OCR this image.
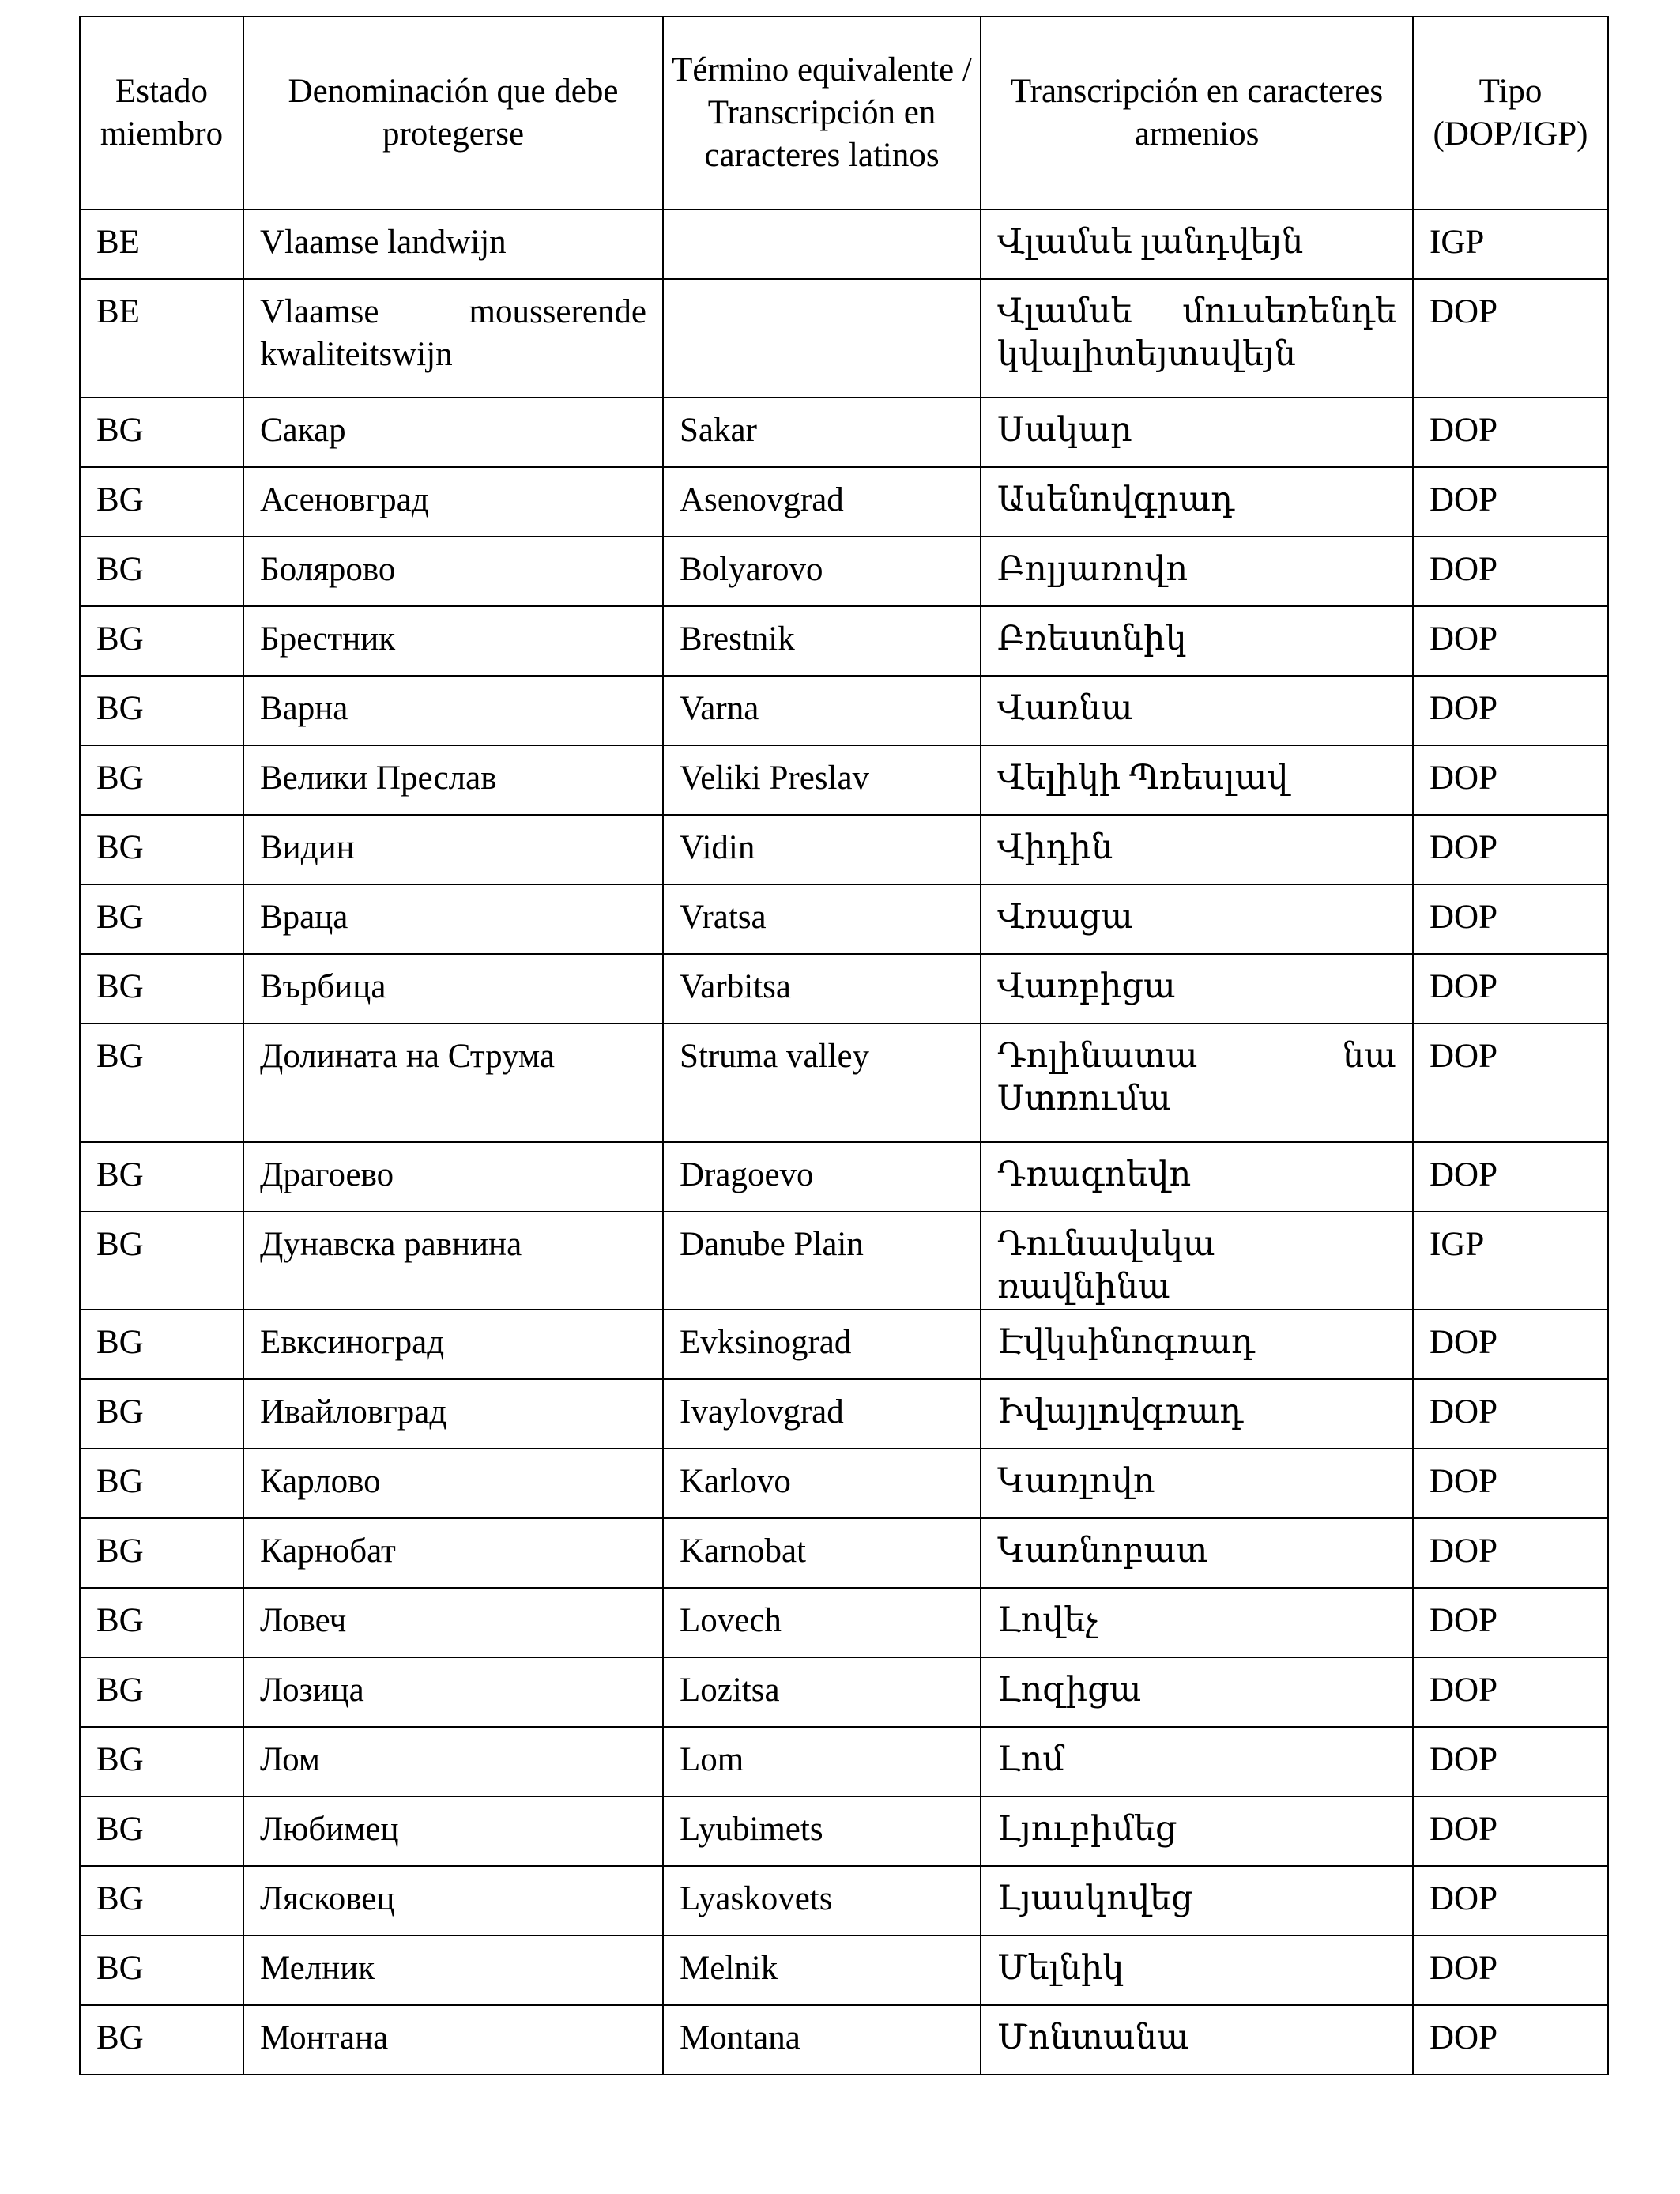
Estado miembro	Denominación que debe protegerse	Término equivalente / Transcripción en caracteres latinos	Transcripción en caracteres armenios	Tipo (DOP/IGP)
BE	Vlaamse landwijn		Վլամսե լանդվեյն	IGP
BE	Vlaamse mousserende kwaliteitswijn		Վլամսե մուսեռենդե կվալիտեյտսվեյն	DOP
BG	Сакар	Sakar	Սակար	DOP
BG	Асеновград	Asenovgrad	Ասենովգրադ	DOP
BG	Болярово	Bolyarovo	Բոլյառովո	DOP
BG	Брестник	Brestnik	Բռեստնիկ	DOP
BG	Варна	Varna	Վառնա	DOP
BG	Велики Преслав	Veliki Preslav	Վելիկի Պռեսլավ	DOP
BG	Видин	Vidin	Վիդին	DOP
BG	Враца	Vratsa	Վռացա	DOP
BG	Върбица	Varbitsa	Վառբիցա	DOP
BG	Долината на Струма	Struma valley	Դոլինատա նա Ստռումա	DOP
BG	Драгоево	Dragoevo	Դռագոեվո	DOP
BG	Дунавска равнина	Danube Plain	Դունավսկա ռավնինա	IGP
BG	Евксиноград	Evksinograd	Էվկսինոգռադ	DOP
BG	Ивайловград	Ivaylovgrad	Իվայլովգռադ	DOP
BG	Карлово	Karlovo	Կառլովո	DOP
BG	Карнобат	Karnobat	Կառնոբատ	DOP
BG	Ловеч	Lovech	Լովեչ	DOP
BG	Лозица	Lozitsa	Լոզիցա	DOP
BG	Лом	Lom	Լոմ	DOP
BG	Любимец	Lyubimets	Լյուբիմեց	DOP
BG	Лясковец	Lyaskovets	Լյասկովեց	DOP
BG	Мелник	Melnik	Մելնիկ	DOP
BG	Монтана	Montana	Մոնտանա	DOP
